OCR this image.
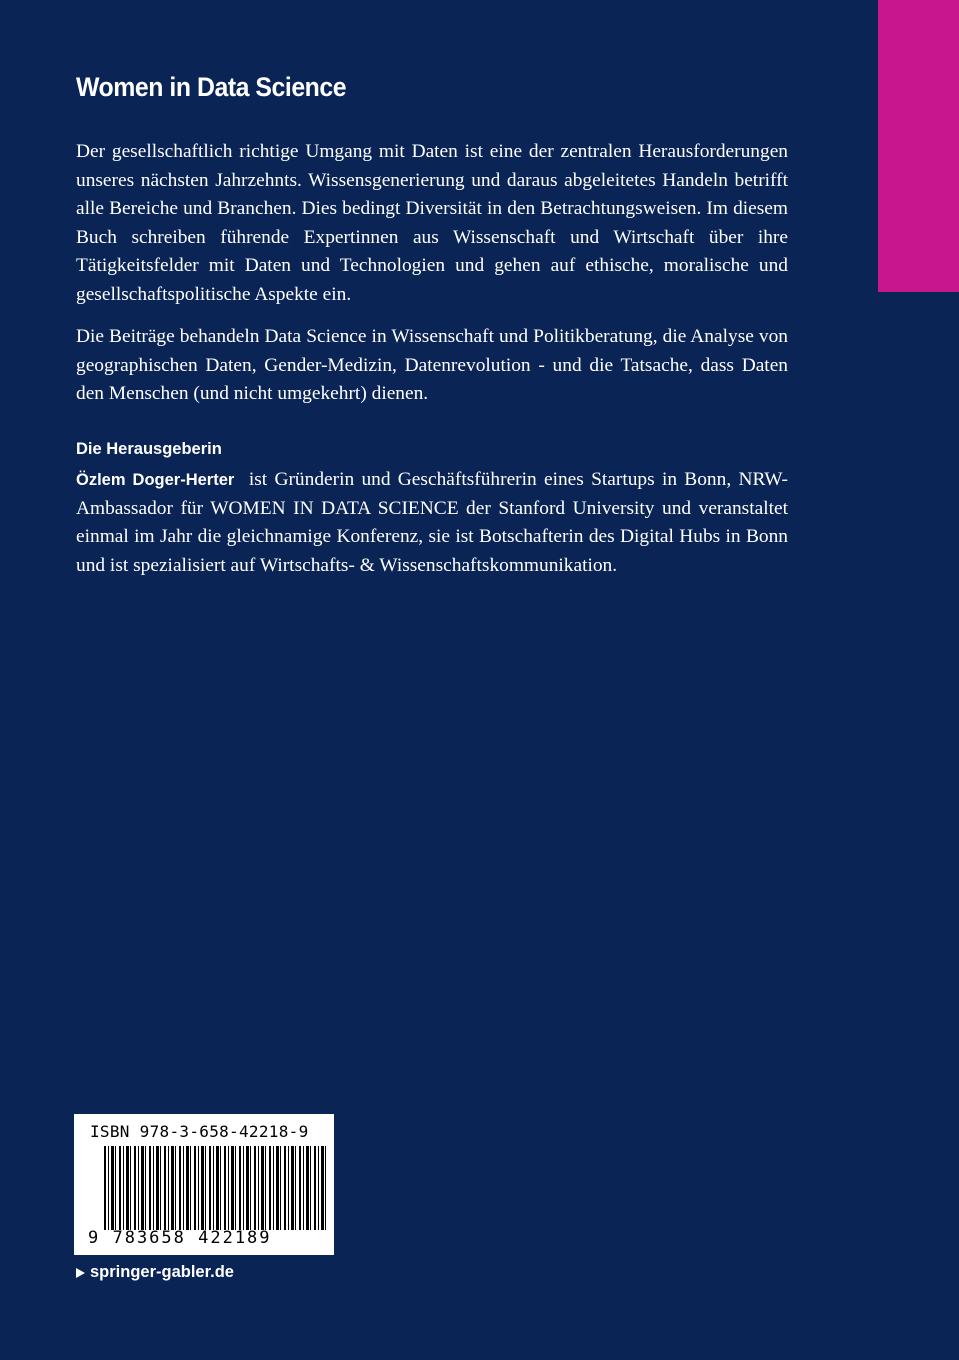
Women in Data Science
Der gesellschaftlich richtige Umgang mit Daten ist eine der zentralen Herausforderungen unseres nächsten Jahrzehnts. Wissensgenerierung und daraus abgeleitetes Handeln betrifft alle Bereiche und Branchen. Dies bedingt Diversität in den Betrachtungsweisen. Im diesem Buch schreiben führende Expertinnen aus Wissenschaft und Wirtschaft über ihre Tätigkeitsfelder mit Daten und Technologien und gehen auf ethische, moralische und gesellschaftspolitische Aspekte ein.
Die Beiträge behandeln Data Science in Wissenschaft und Politikberatung, die Analyse von geographischen Daten, Gender-Medizin, Datenrevolution - und die Tatsache, dass Daten den Menschen (und nicht umgekehrt) dienen.
Die Herausgeberin
Özlem Doger-Herter ist Gründerin und Geschäftsführerin eines Startups in Bonn, NRW-Ambassador für WOMEN IN DATA SCIENCE der Stanford University und veranstaltet einmal im Jahr die gleichnamige Konferenz, sie ist Botschafterin des Digital Hubs in Bonn und ist spezialisiert auf Wirtschafts- & Wissenschaftskommunikation.
ISBN 978-3-658-42218-9
9 783658 422189
springer-gabler.de
